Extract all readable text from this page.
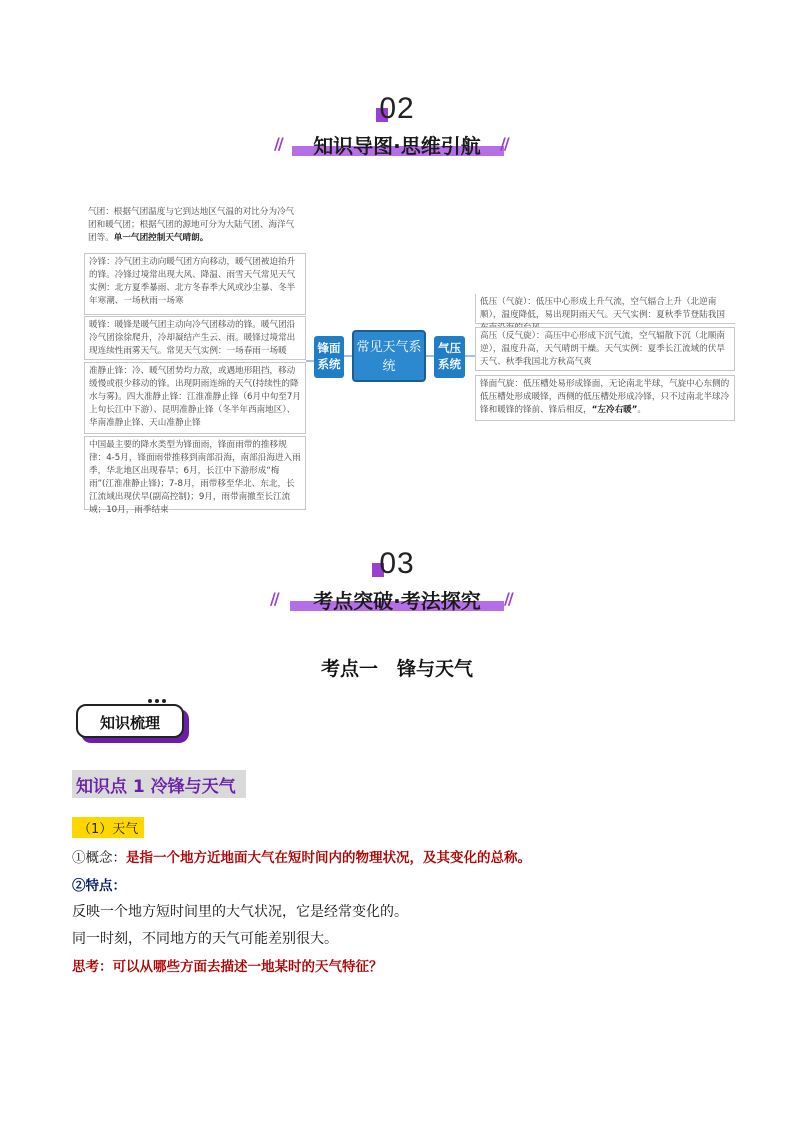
02
//	//
知识导图·思维引航
气团：根据气团温度与它到达地区气温的对比分为冷气团和暖气团；根据气团的源地可分为大陆气团、海洋气团等。单一气团控制天气晴朗。
冷锋：冷气团主动向暖气团方向移动，暖气团被迫抬升的锋。冷锋过境常出现大风、降温、雨雪天气常见天气实例：北方夏季暴雨、北方冬春季大风或沙尘暴、冬半年寒潮、一场秋雨一场寒
暖锋：暖锋是暖气团主动向冷气团移动的锋。暖气团沿冷气团徐徐爬升，冷却凝结产生云、雨。暖锋过境常出现连续性雨雾天气。常见天气实例：一场春雨一场暖
准静止锋：冷、暖气团势均力敌，或遇地形阻挡，移动缓慢或很少移动的锋。出现阴雨连绵的天气(持续性的降水与雾)。四大准静止锋：江淮准静止锋（6月中旬至7月上旬长江中下游）、昆明准静止锋（冬半年西南地区）、华南准静止锋、天山准静止锋
中国最主要的降水类型为锋面雨，锋面雨带的推移规律：4-5月，锋面雨带推移到南部沿海，南部沿海进入雨季，华北地区出现春旱；6月，长江中下游形成“梅雨”(江淮准静止锋)；7-8月，雨带移至华北、东北，长江流域出现伏旱(副高控制)；9月，雨带南撤至长江流域；10月，雨季结束
锋面系统
常见天气系统
气压系统
低压（气旋）：低压中心形成上升气流，空气辐合上升（北逆南顺），温度降低，易出现阴雨天气。天气实例：夏秋季节登陆我国
高压（反气旋）：高压中心形成下沉气流，空气辐散下沉（北顺南逆），温度升高，天气晴朗干燥。天气实例：夏季长江流域的伏旱天气、秋季我国北方秋高气爽
锋面气旋：低压槽处易形成锋面，无论南北半球，气旋中心东侧的低压槽处形成暖锋，西侧的低压槽处形成冷锋，只不过南北半球冷锋和暖锋的锋前、锋后相反，“左冷右暖”。
03
//	//
考点突破·考法探究
考点一　锋与天气
知识梳理
知识点 1 冷锋与天气
（1）天气
①概念：是指一个地方近地面大气在短时间内的物理状况，及其变化的总称。
②特点：
反映一个地方短时间里的大气状况，它是经常变化的。
同一时刻，不同地方的天气可能差别很大。
思考：可以从哪些方面去描述一地某时的天气特征？
